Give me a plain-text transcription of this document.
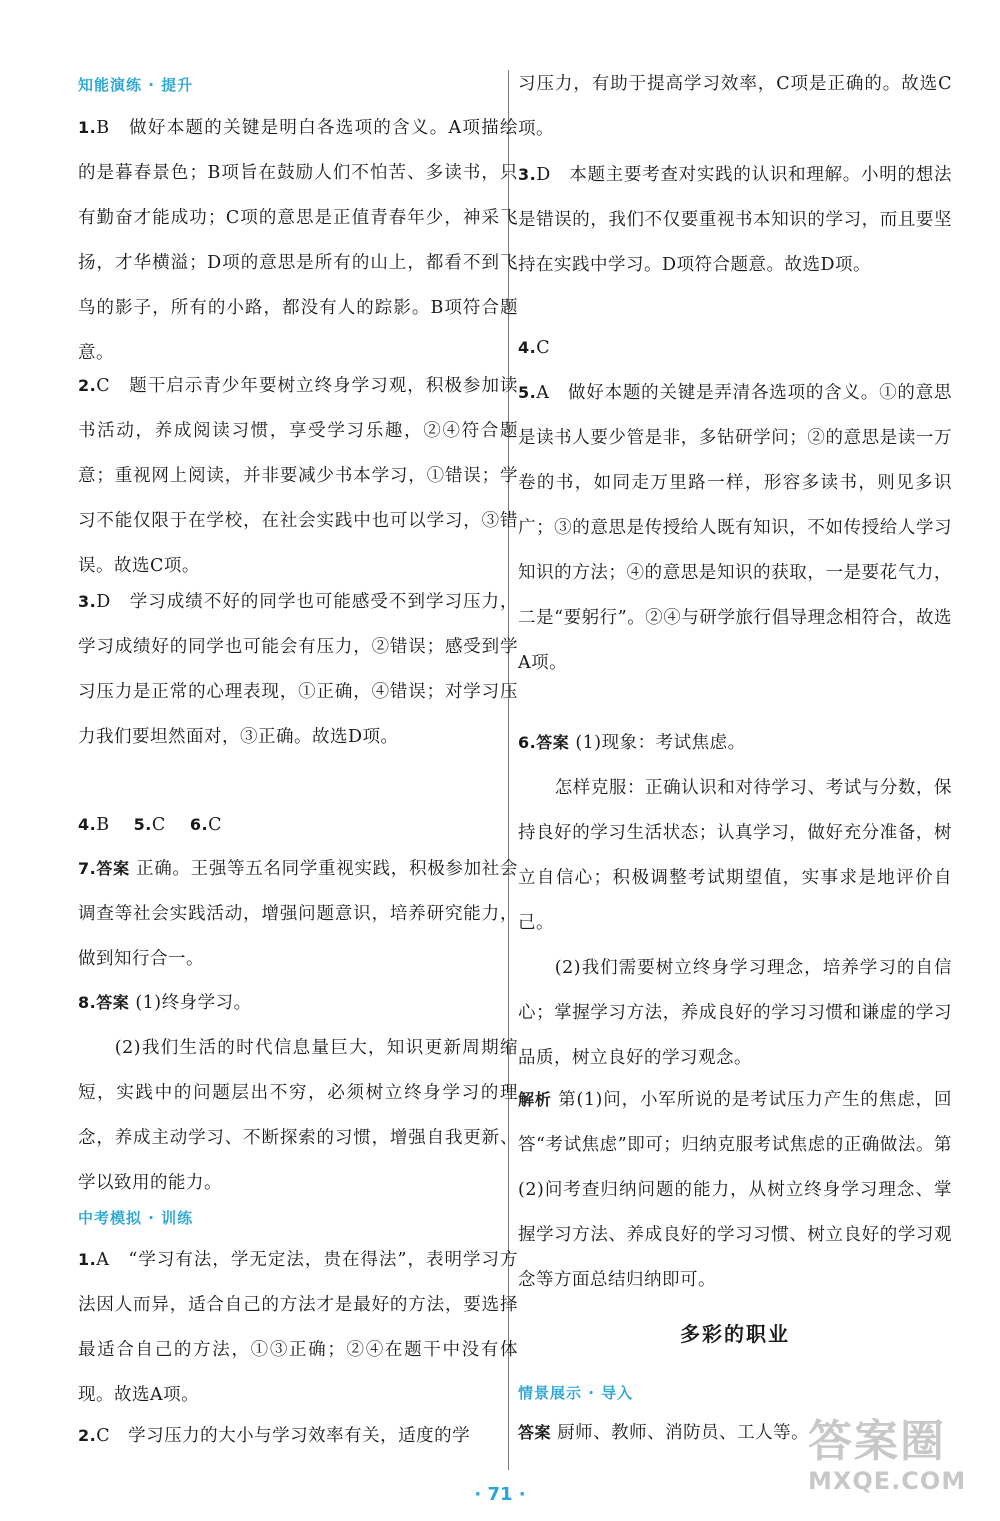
知能演练 · 提升
1.B　做好本题的关键是明白各选项的含义。A项描绘的是暮春景色；B项旨在鼓励人们不怕苦、多读书，只有勤奋才能成功；C项的意思是正值青春年少，神采飞扬，才华横溢；D项的意思是所有的山上，都看不到飞鸟的影子，所有的小路，都没有人的踪影。B项符合题意。
2.C　题干启示青少年要树立终身学习观，积极参加读书活动，养成阅读习惯，享受学习乐趣，②④符合题意；重视网上阅读，并非要减少书本学习，①错误；学习不能仅限于在学校，在社会实践中也可以学习，③错误。故选C项。
3.D　学习成绩不好的同学也可能感受不到学习压力，学习成绩好的同学也可能会有压力，②错误；感受到学习压力是正常的心理表现，①正确，④错误；对学习压力我们要坦然面对，③正确。故选D项。
4.B　 5.C　 6.C
7.答案 正确。王强等五名同学重视实践，积极参加社会调查等社会实践活动，增强问题意识，培养研究能力，做到知行合一。
8.答案 (1)终身学习。
(2)我们生活的时代信息量巨大，知识更新周期缩短，实践中的问题层出不穷，必须树立终身学习的理念，养成主动学习、不断探索的习惯，增强自我更新、学以致用的能力。
中考模拟 · 训练
1.A　“学习有法，学无定法，贵在得法”，表明学习方法因人而异，适合自己的方法才是最好的方法，要选择最适合自己的方法，①③正确；②④在题干中没有体现。故选A项。
2.C　学习压力的大小与学习效率有关，适度的学
习压力，有助于提高学习效率，C项是正确的。故选C项。
3.D　本题主要考查对实践的认识和理解。小明的想法是错误的，我们不仅要重视书本知识的学习，而且要坚持在实践中学习。D项符合题意。故选D项。
4.C
5.A　做好本题的关键是弄清各选项的含义。①的意思是读书人要少管是非，多钻研学问；②的意思是读一万卷的书，如同走万里路一样，形容多读书，则见多识广；③的意思是传授给人既有知识，不如传授给人学习知识的方法；④的意思是知识的获取，一是要花气力，二是“要躬行”。②④与研学旅行倡导理念相符合，故选A项。
6.答案 (1)现象：考试焦虑。
怎样克服：正确认识和对待学习、考试与分数，保持良好的学习生活状态；认真学习，做好充分准备，树立自信心；积极调整考试期望值，实事求是地评价自己。
(2)我们需要树立终身学习理念，培养学习的自信心；掌握学习方法，养成良好的学习习惯和谦虚的学习品质，树立良好的学习观念。
解析 第(1)问，小军所说的是考试压力产生的焦虑，回答“考试焦虑”即可；归纳克服考试焦虑的正确做法。第(2)问考查归纳问题的能力，从树立终身学习理念、掌握学习方法、养成良好的学习习惯、树立良好的学习观念等方面总结归纳即可。
多彩的职业
情景展示 · 导入
答案 厨师、教师、消防员、工人等。
· 71 ·
答案圈
MXQE.COM
